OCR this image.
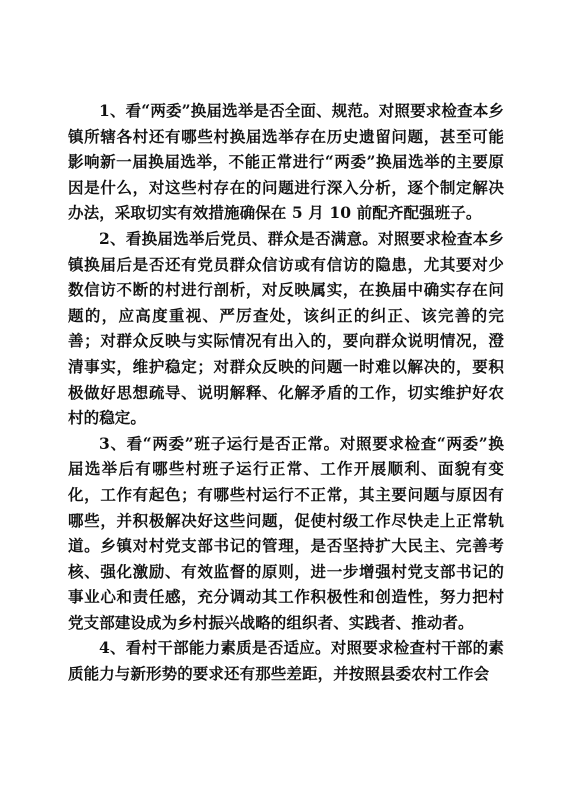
1、看“两委”换届选举是否全面、规范。对照要求检查本乡镇所辖各村还有哪些村换届选举存在历史遗留问题，甚至可能影响新一届换届选举，不能正常进行“两委”换届选举的主要原因是什么，对这些村存在的问题进行深入分析，逐个制定解决办法，采取切实有效措施确保在 5 月 10 前配齐配强班子。

2、看换届选举后党员、群众是否满意。对照要求检查本乡镇换届后是否还有党员群众信访或有信访的隐患，尤其要对少数信访不断的村进行剖析，对反映属实，在换届中确实存在问题的，应高度重视、严厉查处，该纠正的纠正、该完善的完善；对群众反映与实际情况有出入的，要向群众说明情况，澄清事实，维护稳定；对群众反映的问题一时难以解决的，要积极做好思想疏导、说明解释、化解矛盾的工作，切实维护好农村的稳定。

3、看“两委”班子运行是否正常。对照要求检查“两委”换届选举后有哪些村班子运行正常、工作开展顺利、面貌有变化，工作有起色；有哪些村运行不正常，其主要问题与原因有哪些，并积极解决好这些问题，促使村级工作尽快走上正常轨道。乡镇对村党支部书记的管理，是否坚持扩大民主、完善考核、强化激励、有效监督的原则，进一步增强村党支部书记的事业心和责任感，充分调动其工作积极性和创造性，努力把村党支部建设成为乡村振兴战略的组织者、实践者、推动者。

4、看村干部能力素质是否适应。对照要求检查村干部的素质能力与新形势的要求还有那些差距，并按照县委农村工作会
